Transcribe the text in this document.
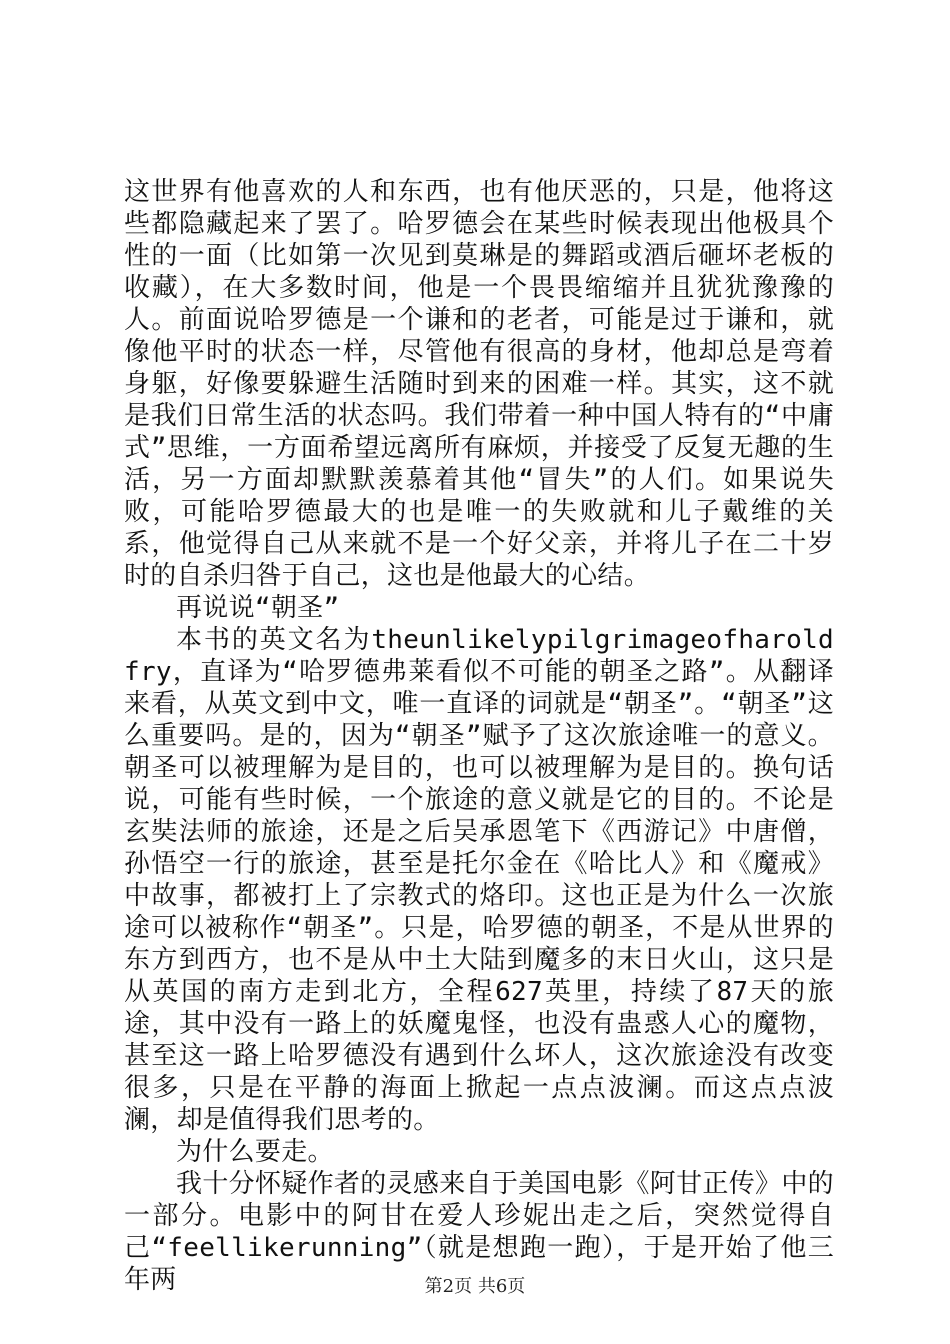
这世界有他喜欢的人和东西，也有他厌恶的，只是，他将这些都隐藏起来了罢了。哈罗德会在某些时候表现出他极具个性的一面（比如第一次见到莫琳是的舞蹈或酒后砸坏老板的收藏），在大多数时间，他是一个畏畏缩缩并且犹犹豫豫的人。前面说哈罗德是一个谦和的老者，可能是过于谦和，就像他平时的状态一样，尽管他有很高的身材，他却总是弯着身躯，好像要躲避生活随时到来的困难一样。其实，这不就是我们日常生活的状态吗。我们带着一种中国人特有的“中庸式”思维，一方面希望远离所有麻烦，并接受了反复无趣的生活，另一方面却默默羡慕着其他“冒失”的人们。如果说失败，可能哈罗德最大的也是唯一的失败就和儿子戴维的关系，他觉得自己从来就不是一个好父亲，并将儿子在二十岁时的自杀归咎于自己，这也是他最大的心结。

再说说“朝圣”

本书的英文名为theunlikelypilgrimageofharoldfry，直译为“哈罗德弗莱看似不可能的朝圣之路”。从翻译来看，从英文到中文，唯一直译的词就是“朝圣”。“朝圣”这么重要吗。是的，因为“朝圣”赋予了这次旅途唯一的意义。朝圣可以被理解为是目的，也可以被理解为是目的。换句话说，可能有些时候，一个旅途的意义就是它的目的。不论是玄奘法师的旅途，还是之后吴承恩笔下《西游记》中唐僧，孙悟空一行的旅途，甚至是托尔金在《哈比人》和《魔戒》中故事，都被打上了宗教式的烙印。这也正是为什么一次旅途可以被称作“朝圣”。只是，哈罗德的朝圣，不是从世界的东方到西方，也不是从中土大陆到魔多的末日火山，这只是从英国的南方走到北方，全程627英里，持续了87天的旅途，其中没有一路上的妖魔鬼怪，也没有蛊惑人心的魔物，甚至这一路上哈罗德没有遇到什么坏人，这次旅途没有改变很多，只是在平静的海面上掀起一点点波澜。而这点点波澜，却是值得我们思考的。

为什么要走。

我十分怀疑作者的灵感来自于美国电影《阿甘正传》中的一部分。电影中的阿甘在爱人珍妮出走之后，突然觉得自己“feellikerunning”（就是想跑一跑），于是开始了他三年两	第2页 共6页
